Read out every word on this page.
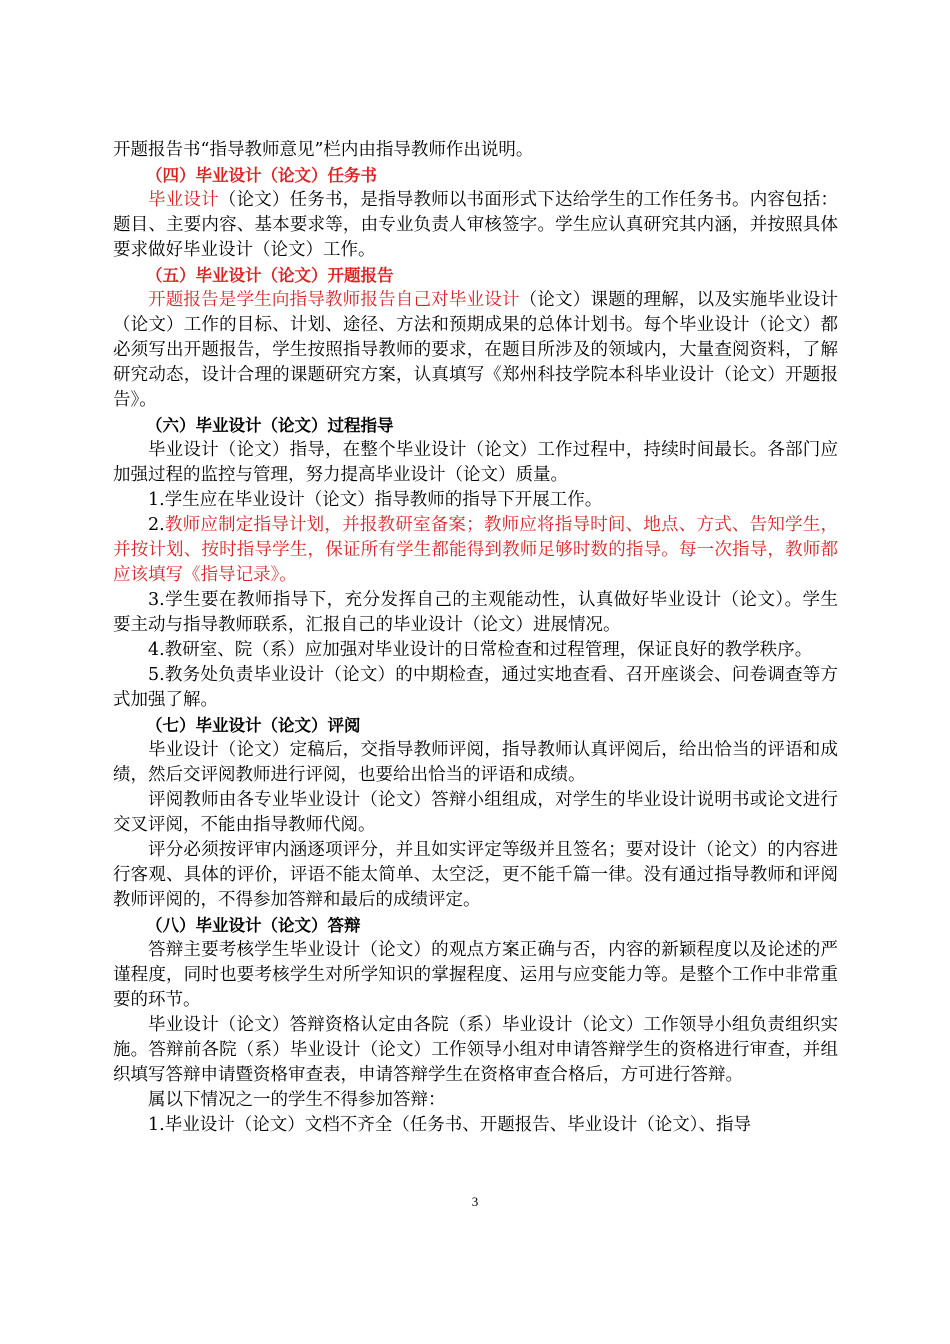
开题报告书“指导教师意见”栏内由指导教师作出说明。

（四）毕业设计（论文）任务书

毕业设计（论文）任务书，是指导教师以书面形式下达给学生的工作任务书。内容包括：题目、主要内容、基本要求等，由专业负责人审核签字。学生应认真研究其内涵，并按照具体要求做好毕业设计（论文）工作。

（五）毕业设计（论文）开题报告

开题报告是学生向指导教师报告自己对毕业设计（论文）课题的理解，以及实施毕业设计（论文）工作的目标、计划、途径、方法和预期成果的总体计划书。每个毕业设计（论文）都必须写出开题报告，学生按照指导教师的要求，在题目所涉及的领域内，大量查阅资料，了解研究动态，设计合理的课题研究方案，认真填写《郑州科技学院本科毕业设计（论文）开题报告》。

（六）毕业设计（论文）过程指导

毕业设计（论文）指导，在整个毕业设计（论文）工作过程中，持续时间最长。各部门应加强过程的监控与管理，努力提高毕业设计（论文）质量。

1.学生应在毕业设计（论文）指导教师的指导下开展工作。

2.教师应制定指导计划，并报教研室备案；教师应将指导时间、地点、方式、告知学生，并按计划、按时指导学生，保证所有学生都能得到教师足够时数的指导。每一次指导，教师都应该填写《指导记录》。

3.学生要在教师指导下，充分发挥自己的主观能动性，认真做好毕业设计（论文）。学生要主动与指导教师联系，汇报自己的毕业设计（论文）进展情况。

4.教研室、院（系）应加强对毕业设计的日常检查和过程管理，保证良好的教学秩序。

5.教务处负责毕业设计（论文）的中期检查，通过实地查看、召开座谈会、问卷调查等方式加强了解。

（七）毕业设计（论文）评阅

毕业设计（论文）定稿后，交指导教师评阅，指导教师认真评阅后，给出恰当的评语和成绩，然后交评阅教师进行评阅，也要给出恰当的评语和成绩。

评阅教师由各专业毕业设计（论文）答辩小组组成，对学生的毕业设计说明书或论文进行交叉评阅，不能由指导教师代阅。

评分必须按评审内涵逐项评分，并且如实评定等级并且签名；要对设计（论文）的内容进行客观、具体的评价，评语不能太简单、太空泛，更不能千篇一律。没有通过指导教师和评阅教师评阅的，不得参加答辩和最后的成绩评定。

（八）毕业设计（论文）答辩

答辩主要考核学生毕业设计（论文）的观点方案正确与否，内容的新颖程度以及论述的严谨程度，同时也要考核学生对所学知识的掌握程度、运用与应变能力等。是整个工作中非常重要的环节。

毕业设计（论文）答辩资格认定由各院（系）毕业设计（论文）工作领导小组负责组织实施。答辩前各院（系）毕业设计（论文）工作领导小组对申请答辩学生的资格进行审查，并组织填写答辩申请暨资格审查表，申请答辩学生在资格审查合格后，方可进行答辩。

属以下情况之一的学生不得参加答辩：

1.毕业设计（论文）文档不齐全（任务书、开题报告、毕业设计（论文）、指导

3
